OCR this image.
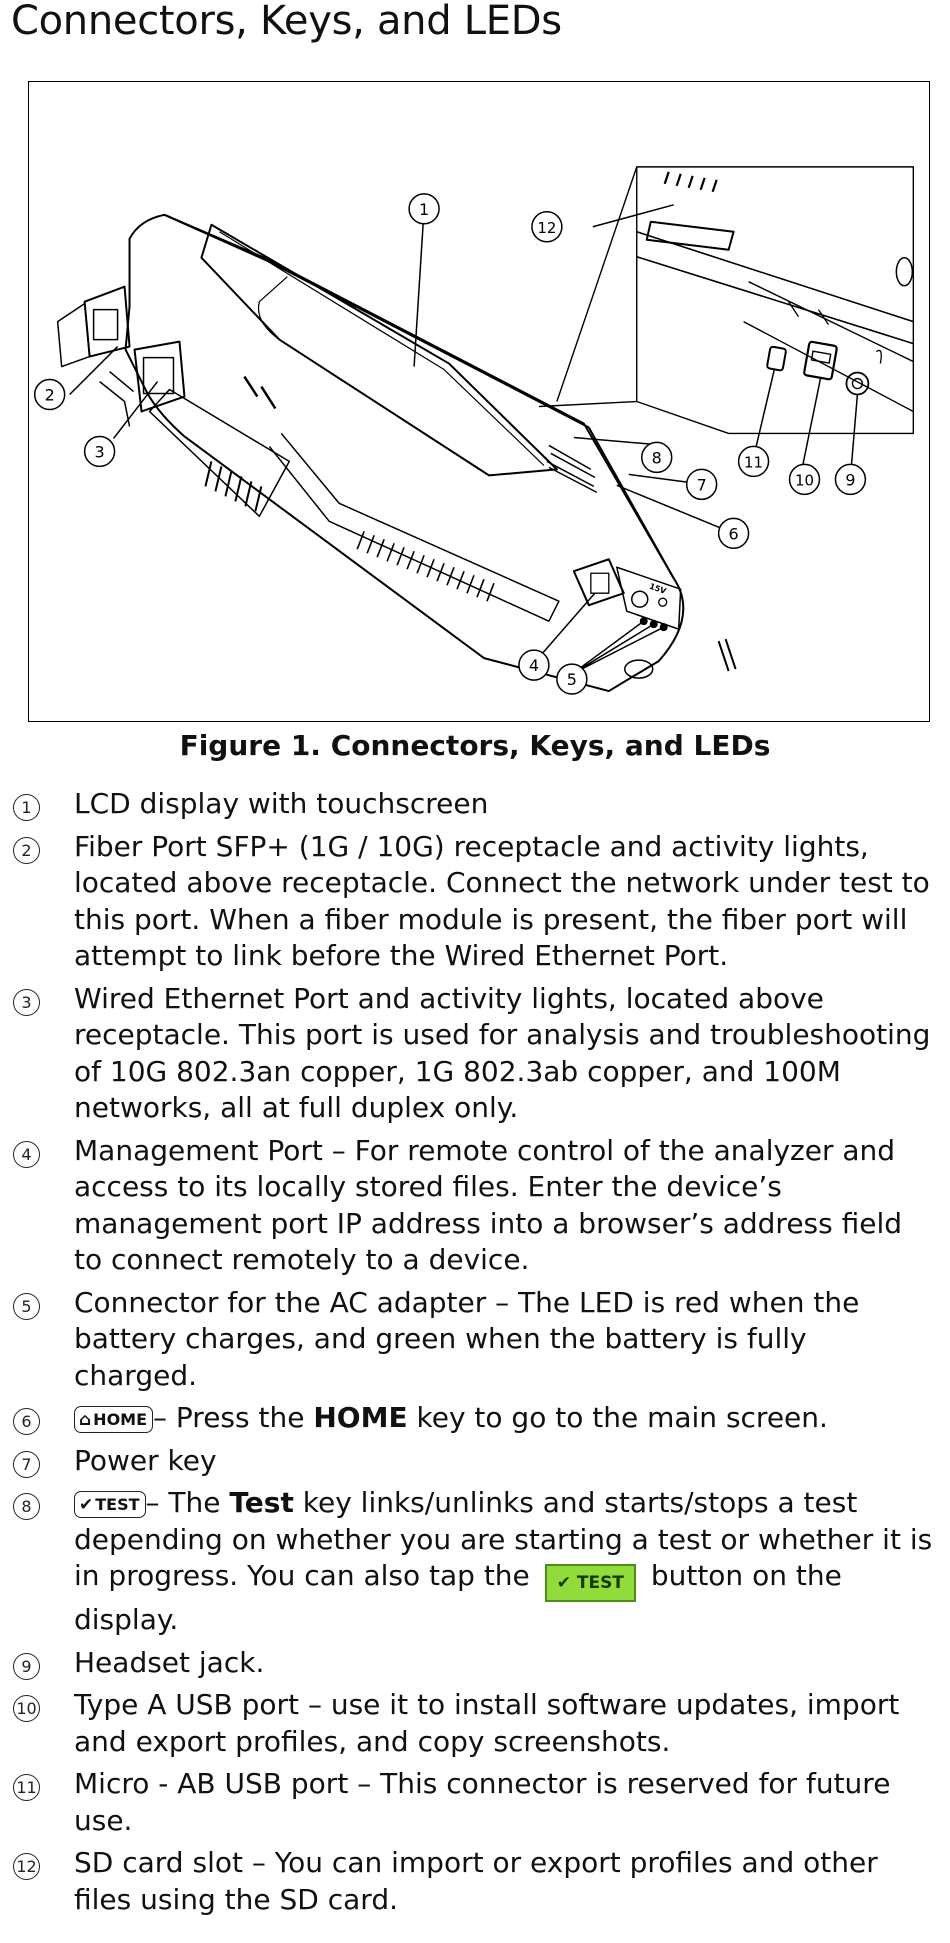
Connectors, Keys, and LEDs
15V
1
12
2
3	8
7
6
11
10 9
4
5
Figure 1. Connectors, Keys, and LEDs
1	LCD display with touchscreen
2	Fiber Port SFP+ (1G / 10G) receptacle and activity lights, located above receptacle. Connect the network under test to this port. When a fiber module is present, the fiber port will attempt to link before the Wired Ethernet Port.
3	Wired Ethernet Port and activity lights, located above receptacle. This port is used for analysis and troubleshooting of 10G 802.3an copper, 1G 802.3ab copper, and 100M networks, all at full duplex only.
4	Management Port – For remote control of the analyzer and access to its locally stored files. Enter the device’s management port IP address into a browser’s address field to connect remotely to a device.
5	Connector for the AC adapter – The LED is red when the battery charges, and green when the battery is fully charged.
6	⌂ HOME – Press the HOME key to go to the main screen.
7	Power key
8	✔ TEST – The Test key links/unlinks and starts/stops a test depending on whether you are starting a test or whether it is in progress. You can also tap the ✔ TEST button on the display.
9	Headset jack.
10 Type A USB port – use it to install software updates, import and export profiles, and copy screenshots.
11 Micro - AB USB port – This connector is reserved for future use.
12 SD card slot – You can import or export profiles and other files using the SD card.
